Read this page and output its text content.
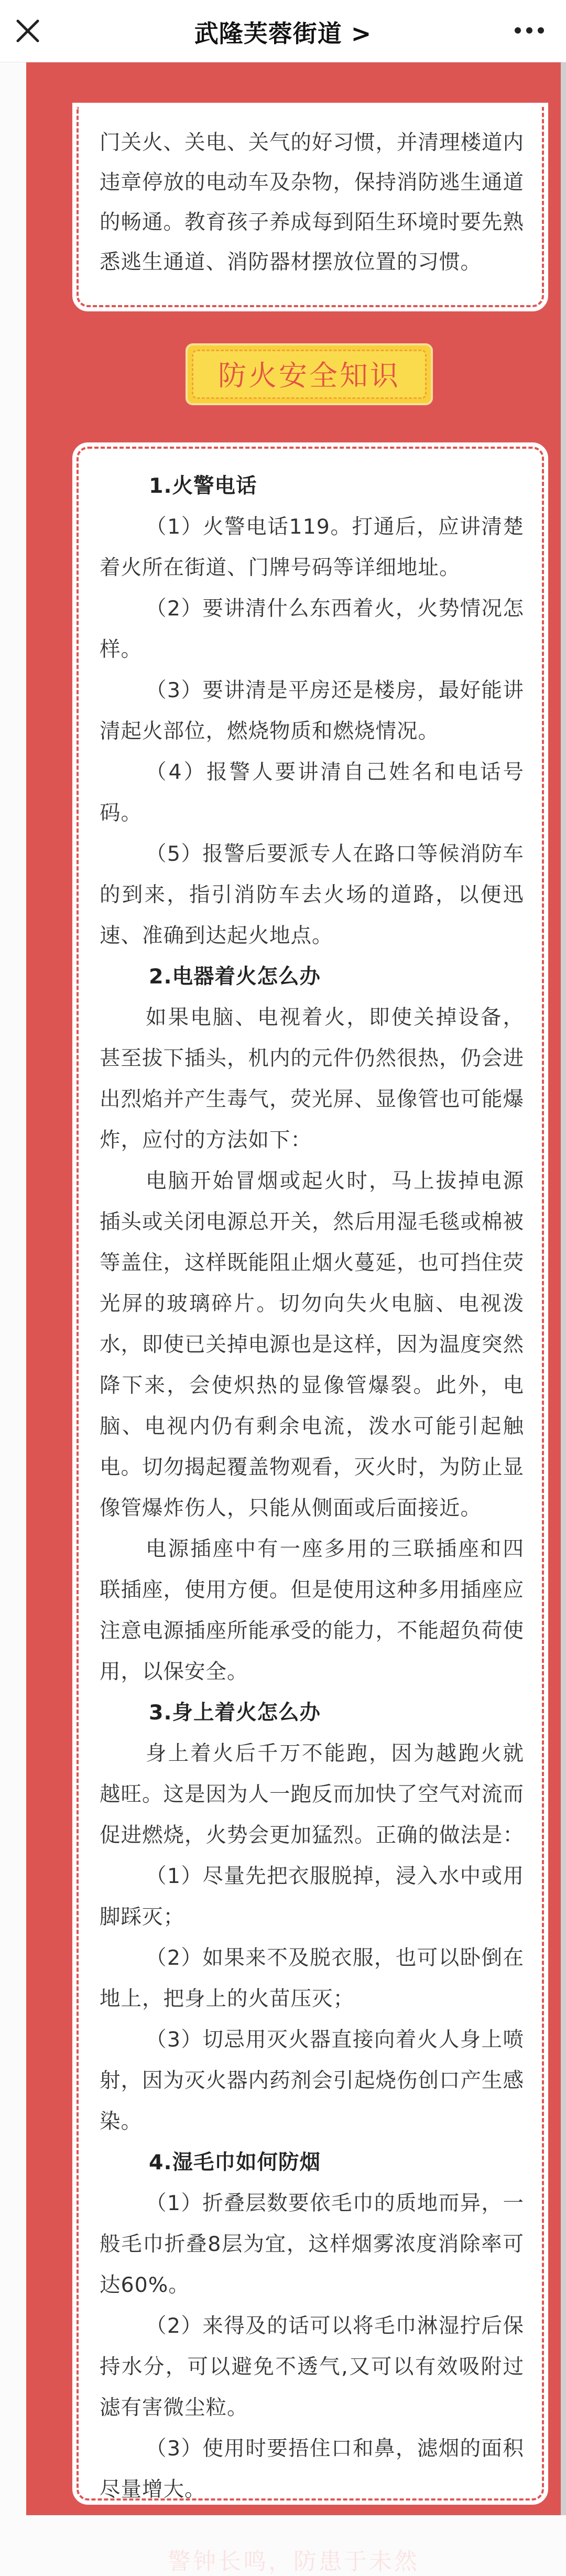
武隆芙蓉街道 >
门关火、关电、关气的好习惯，并清理楼道内
违章停放的电动车及杂物，保持消防逃生通道
的畅通。教育孩子养成每到陌生环境时要先熟
悉逃生通道、消防器材摆放位置的习惯。
防火安全知识

1.火警电话

（1）火警电话119。打通后，应讲清楚着火所在街道、门牌号码等详细地址。

（2）要讲清什么东西着火，火势情况怎样。

（3）要讲清是平房还是楼房，最好能讲清起火部位，燃烧物质和燃烧情况。

（4）报警人要讲清自己姓名和电话号码。

（5）报警后要派专人在路口等候消防车的到来，指引消防车去火场的道路，以便迅速、准确到达起火地点。

2.电器着火怎么办

如果电脑、电视着火，即使关掉设备，甚至拔下插头，机内的元件仍然很热，仍会进出烈焰并产生毒气，荧光屏、显像管也可能爆炸，应付的方法如下：

电脑开始冒烟或起火时，马上拔掉电源插头或关闭电源总开关，然后用湿毛毯或棉被等盖住，这样既能阻止烟火蔓延，也可挡住荧光屏的玻璃碎片。切勿向失火电脑、电视泼水，即使已关掉电源也是这样，因为温度突然降下来，会使炽热的显像管爆裂。此外，电脑、电视内仍有剩余电流，泼水可能引起触电。切勿揭起覆盖物观看，灭火时，为防止显像管爆炸伤人，只能从侧面或后面接近。

电源插座中有一座多用的三联插座和四联插座，使用方便。但是使用这种多用插座应注意电源插座所能承受的能力，不能超负荷使用，以保安全。

3.身上着火怎么办

身上着火后千万不能跑，因为越跑火就越旺。这是因为人一跑反而加快了空气对流而促进燃烧，火势会更加猛烈。正确的做法是：

（1）尽量先把衣服脱掉，浸入水中或用脚踩灭；

（2）如果来不及脱衣服，也可以卧倒在地上，把身上的火苗压灭；

（3）切忌用灭火器直接向着火人身上喷射，因为灭火器内药剂会引起烧伤创口产生感染。

4.湿毛巾如何防烟

（1）折叠层数要依毛巾的质地而异，一般毛巾折叠8层为宜，这样烟雾浓度消除率可达60%。

（2）来得及的话可以将毛巾淋湿拧后保持水分，可以避免不透气,又可以有效吸附过滤有害微尘粒。

（3）使用时要捂住口和鼻，滤烟的面积尽量增大。

警钟长鸣，防患于未然
